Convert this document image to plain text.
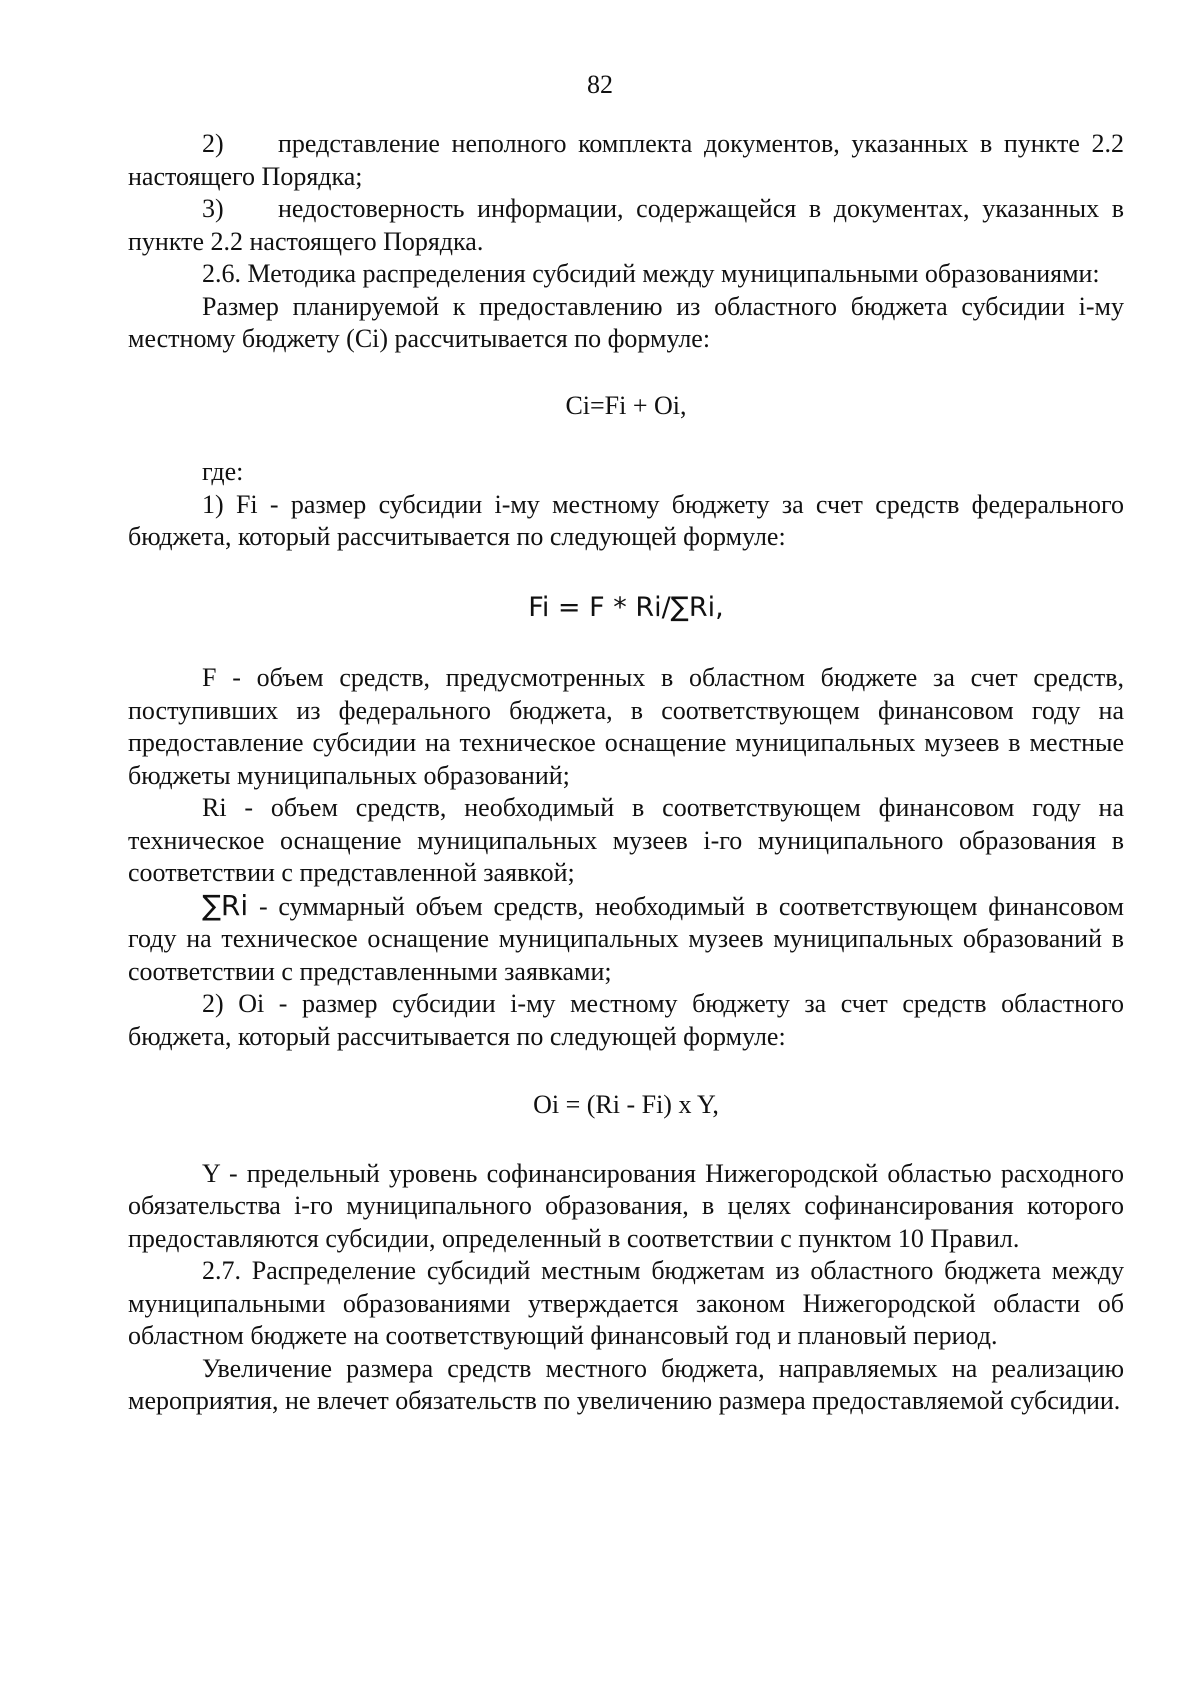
82

2) представление неполного комплекта документов, указанных в пункте 2.2 настоящего Порядка;

3) недостоверность информации, содержащейся в документах, указанных в пункте 2.2 настоящего Порядка.

2.6. Методика распределения субсидий между муниципальными образованиями:

Размер планируемой к предоставлению из областного бюджета субсидии i-му местному бюджету (Ci) рассчитывается по формуле:

Ci=Fi + Oi,

где:

1) Fi - размер субсидии i-му местному бюджету за счет средств федерального бюджета, который рассчитывается по следующей формуле:

Fi = F * Ri/∑Ri,

F - объем средств, предусмотренных в областном бюджете за счет средств, поступивших из федерального бюджета, в соответствующем финансовом году на предоставление субсидии на техническое оснащение муниципальных музеев в местные бюджеты муниципальных образований;

Ri - объем средств, необходимый в соответствующем финансовом году на техническое оснащение муниципальных музеев i-го муниципального образования в соответствии с представленной заявкой;

∑Ri - суммарный объем средств, необходимый в соответствующем финансовом году на техническое оснащение муниципальных музеев муниципальных образований в соответствии с представленными заявками;

2) Oi - размер субсидии i-му местному бюджету за счет средств областного бюджета, который рассчитывается по следующей формуле:

Oi = (Ri - Fi) x Y,

Y - предельный уровень софинансирования Нижегородской областью расходного обязательства i-го муниципального образования, в целях софинансирования которого предоставляются субсидии, определенный в соответствии с пунктом 10 Правил.

2.7. Распределение субсидий местным бюджетам из областного бюджета между муниципальными образованиями утверждается законом Нижегородской области об областном бюджете на соответствующий финансовый год и плановый период.

Увеличение размера средств местного бюджета, направляемых на реализацию мероприятия, не влечет обязательств по увеличению размера предоставляемой субсидии.
